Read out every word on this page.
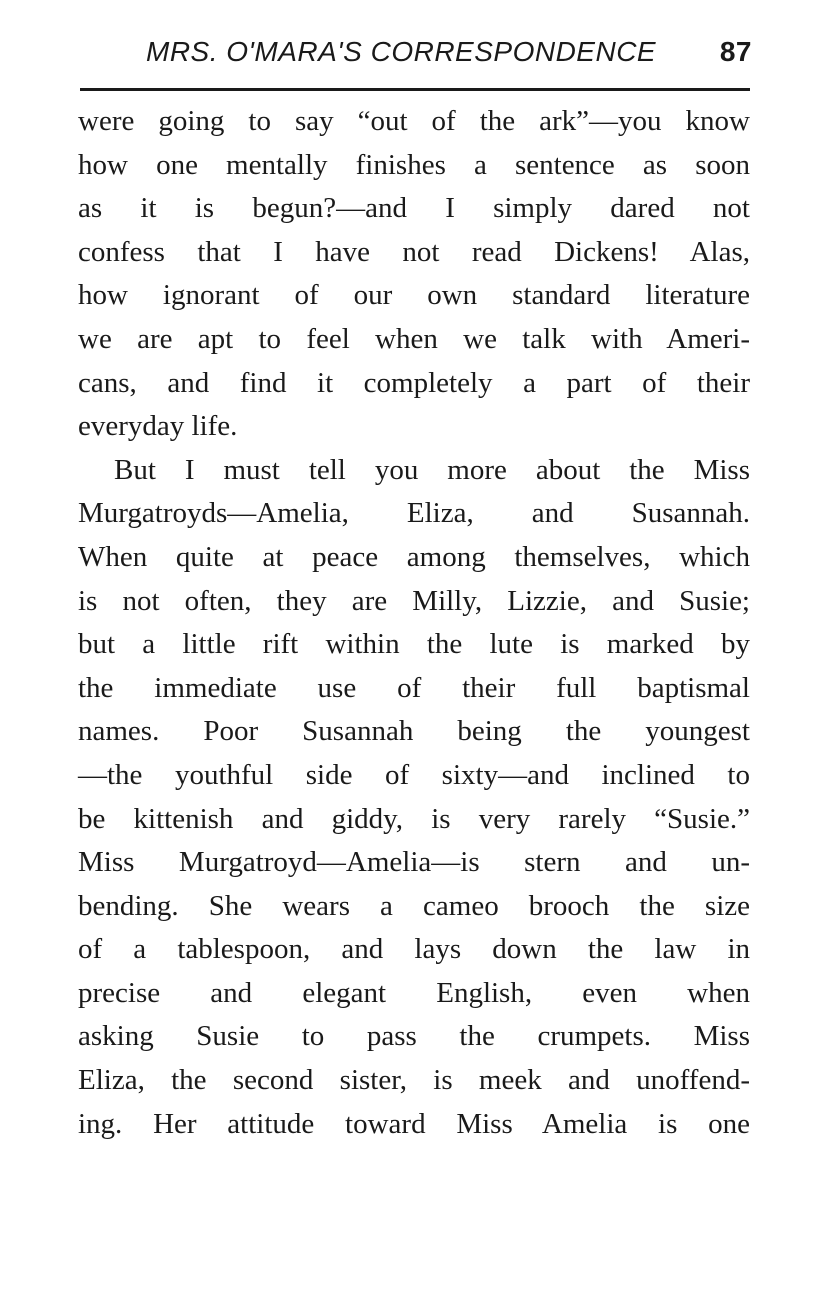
MRS. O'MARA'S CORRESPONDENCE 87
were going to say “out of the ark”—you know
how one mentally finishes a sentence as soon
as it is begun?—and I simply dared not
confess that I have not read Dickens! Alas,
how ignorant of our own standard literature
we are apt to feel when we talk with Ameri-
cans, and find it completely a part of their
everyday life.
But I must tell you more about the Miss
Murgatroyds—Amelia, Eliza, and Susannah.
When quite at peace among themselves, which
is not often, they are Milly, Lizzie, and Susie;
but a little rift within the lute is marked by
the immediate use of their full baptismal
names. Poor Susannah being the youngest
—the youthful side of sixty—and inclined to
be kittenish and giddy, is very rarely “Susie.”
Miss Murgatroyd—Amelia—is stern and un-
bending. She wears a cameo brooch the size
of a tablespoon, and lays down the law in
precise and elegant English, even when
asking Susie to pass the crumpets. Miss
Eliza, the second sister, is meek and unoffend-
ing. Her attitude toward Miss Amelia is one
